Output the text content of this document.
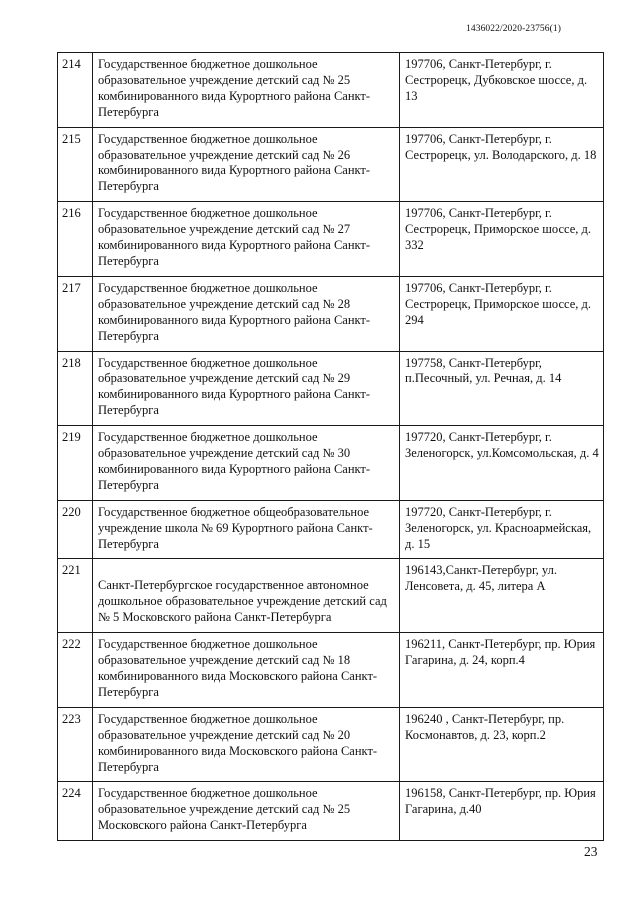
1436022/2020-23756(1)
214	Государственное бюджетное дошкольное образовательное учреждение детский сад № 25 комбинированного вида Курортного района Санкт-Петербурга	197706, Санкт-Петербург, г. Сестрорецк, Дубковское шоссе, д. 13
215	Государственное бюджетное дошкольное образовательное учреждение детский сад № 26 комбинированного вида Курортного района Санкт-Петербурга	197706, Санкт-Петербург, г. Сестрорецк, ул. Володарского, д. 18
216	Государственное бюджетное дошкольное образовательное учреждение детский сад № 27 комбинированного вида Курортного района Санкт-Петербурга	197706, Санкт-Петербург, г. Сестрорецк, Приморское шоссе, д. 332
217	Государственное бюджетное дошкольное образовательное учреждение детский сад № 28 комбинированного вида Курортного района Санкт-Петербурга	197706, Санкт-Петербург, г. Сестрорецк, Приморское шоссе, д. 294
218	Государственное бюджетное дошкольное образовательное учреждение детский сад № 29 комбинированного вида Курортного района Санкт-Петербурга	197758, Санкт-Петербург, п.Песочный, ул. Речная, д. 14
219	Государственное бюджетное дошкольное образовательное учреждение детский сад № 30 комбинированного вида Курортного района Санкт-Петербурга	197720, Санкт-Петербург, г. Зеленогорск, ул.Комсомольская, д. 4
220	Государственное бюджетное общеобразовательное учреждение школа № 69 Курортного района Санкт-Петербурга	197720, Санкт-Петербург, г. Зеленогорск, ул. Красноармейская, д. 15
221	Санкт-Петербургское государственное автономное дошкольное образовательное учреждение детский сад № 5 Московского района Санкт-Петербурга	196143,Санкт-Петербург, ул. Ленсовета, д. 45, литера А
222	Государственное бюджетное дошкольное образовательное учреждение детский сад № 18 комбинированного вида Московского района Санкт-Петербурга	196211, Санкт-Петербург, пр. Юрия Гагарина, д. 24, корп.4
223	Государственное бюджетное дошкольное образовательное учреждение детский сад № 20 комбинированного вида Московского района Санкт-Петербурга	196240 , Санкт-Петербург, пр. Космонавтов, д. 23, корп.2
224	Государственное бюджетное дошкольное образовательное учреждение детский сад № 25 Московского района Санкт-Петербурга	196158, Санкт-Петербург, пр. Юрия Гагарина, д.40
23
